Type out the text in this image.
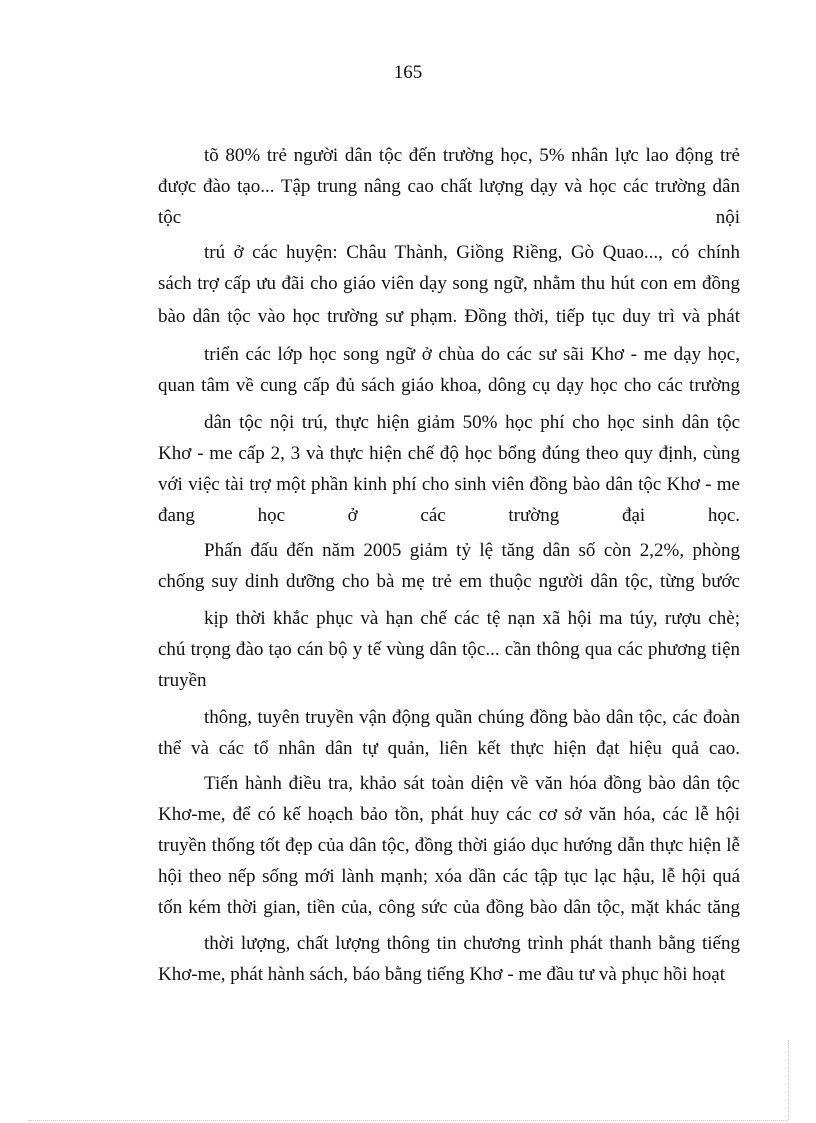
165
tõ 80% trẻ người dân tộc đến trường học, 5% nhân lực lao động trẻ
được đào tạo... Tập trung nâng cao chất lượng dạy và học các trường dân
tộc nội
trú ở các huyện: Châu Thành, Giồng Riềng, Gò Quao..., có chính
sách trợ cấp ưu đãi cho giáo viên dạy song ngữ, nhằm thu hút con em đồng
bào dân tộc vào học trường sư phạm. Đồng thời, tiếp tục duy trì và phát
triển các lớp học song ngữ ở chùa do các sư sãi Khơ - me dạy học,
quan tâm về cung cấp đủ sách giáo khoa, dông cụ dạy học cho các trường
dân tộc nội trú, thực hiện giảm 50% học phí cho học sinh dân tộc
Khơ - me cấp 2, 3 và thực hiện chế độ học bổng đúng theo quy định, cùng
với việc tài trợ một phần kinh phí cho sinh viên đồng bào dân tộc Khơ - me
đang học ở các trường đại học.
Phấn đấu đến năm 2005 giảm tỷ lệ tăng dân số còn 2,2%, phòng
chống suy dinh dưỡng cho bà mẹ trẻ em thuộc người dân tộc, từng bước
kịp thời khắc phục và hạn chế các tệ nạn xã hội ma túy, rượu chè;
chú trọng đào tạo cán bộ y tế vùng dân tộc... cần thông qua các phương tiện
truyền
thông, tuyên truyền vận động quần chúng đồng bào dân tộc, các đoàn
thể và các tổ nhân dân tự quản, liên kết thực hiện đạt hiệu quả cao.
Tiến hành điều tra, khảo sát toàn diện về văn hóa đồng bào dân tộc
Khơ-me, để có kế hoạch bảo tồn, phát huy các cơ sở văn hóa, các lễ hội
truyền thống tốt đẹp của dân tộc, đồng thời giáo dục hướng dẫn thực hiện lễ
hội theo nếp sống mới lành mạnh; xóa dần các tập tục lạc hậu, lễ hội quá
tốn kém thời gian, tiền của, công sức của đồng bào dân tộc, mặt khác tăng
thời lượng, chất lượng thông tin chương trình phát thanh bằng tiếng
Khơ-me, phát hành sách, báo bằng tiếng Khơ - me đầu tư và phục hồi hoạt
